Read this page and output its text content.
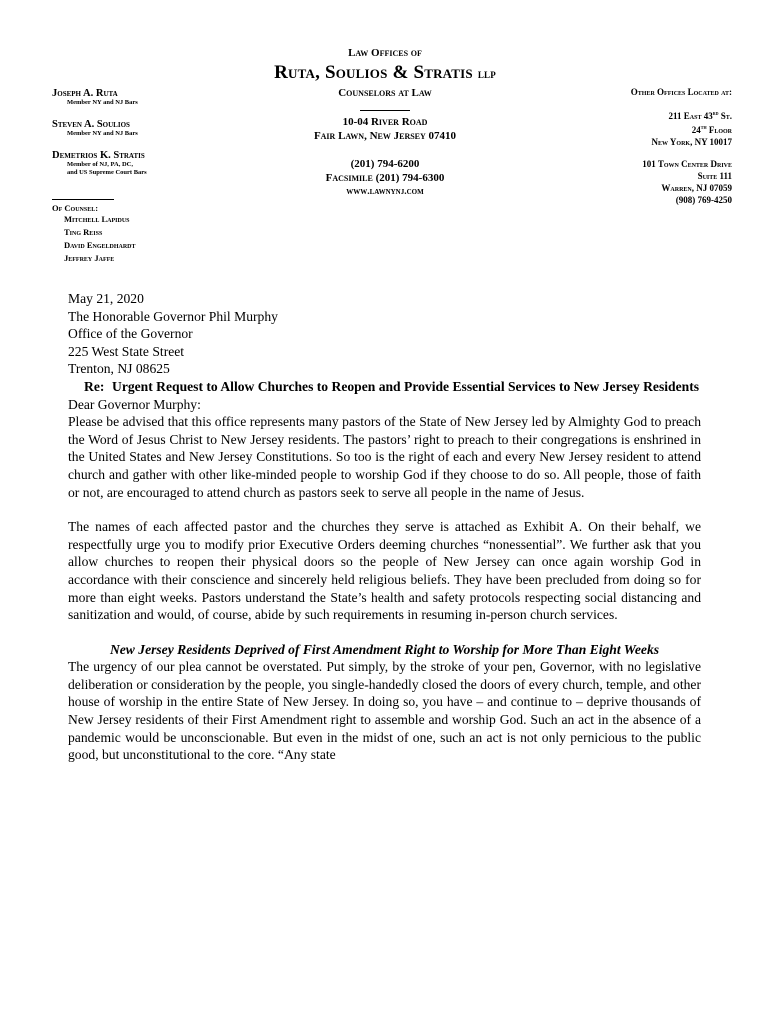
Law Offices of
Ruta, Soulios & Stratis llp
Counselors at Law
10-04 River Road
Fair Lawn, New Jersey 07410
(201) 794-6200
Facsimile (201) 794-6300
www.lawnynj.com
Joseph A. Ruta
Member NY and NJ Bars
Steven A. Soulios
Member NY and NJ Bars
Demetrios K. Stratis
Member of NJ, PA, DC,
and US Supreme Court Bars
Of Counsel:
Mitchell Lapidus
Ting Reiss
David Engeldhardt
Jeffrey Jaffe
Other Offices Located at:
211 East 43rd St.
24th Floor
New York, NY 10017
101 Town Center Drive
Suite 111
Warren, NJ 07059
(908) 769-4250

May 21, 2020

The Honorable Governor Phil Murphy
Office of the Governor
225 West State Street
Trenton, NJ 08625

Re: Urgent Request to Allow Churches to Reopen and Provide Essential Services to New Jersey Residents

Dear Governor Murphy:

Please be advised that this office represents many pastors of the State of New Jersey led by Almighty God to preach the Word of Jesus Christ to New Jersey residents. The pastors’ right to preach to their congregations is enshrined in the United States and New Jersey Constitutions. So too is the right of each and every New Jersey resident to attend church and gather with other like-minded people to worship God if they choose to do so. All people, those of faith or not, are encouraged to attend church as pastors seek to serve all people in the name of Jesus.

The names of each affected pastor and the churches they serve is attached as Exhibit A. On their behalf, we respectfully urge you to modify prior Executive Orders deeming churches “nonessential”. We further ask that you allow churches to reopen their physical doors so the people of New Jersey can once again worship God in accordance with their conscience and sincerely held religious beliefs. They have been precluded from doing so for more than eight weeks. Pastors understand the State’s health and safety protocols respecting social distancing and sanitization and would, of course, abide by such requirements in resuming in-person church services.

New Jersey Residents Deprived of First Amendment Right to Worship for More Than Eight Weeks

The urgency of our plea cannot be overstated. Put simply, by the stroke of your pen, Governor, with no legislative deliberation or consideration by the people, you single-handedly closed the doors of every church, temple, and other house of worship in the entire State of New Jersey. In doing so, you have – and continue to – deprive thousands of New Jersey residents of their First Amendment right to assemble and worship God. Such an act in the absence of a pandemic would be unconscionable. But even in the midst of one, such an act is not only pernicious to the public good, but unconstitutional to the core. “Any state
